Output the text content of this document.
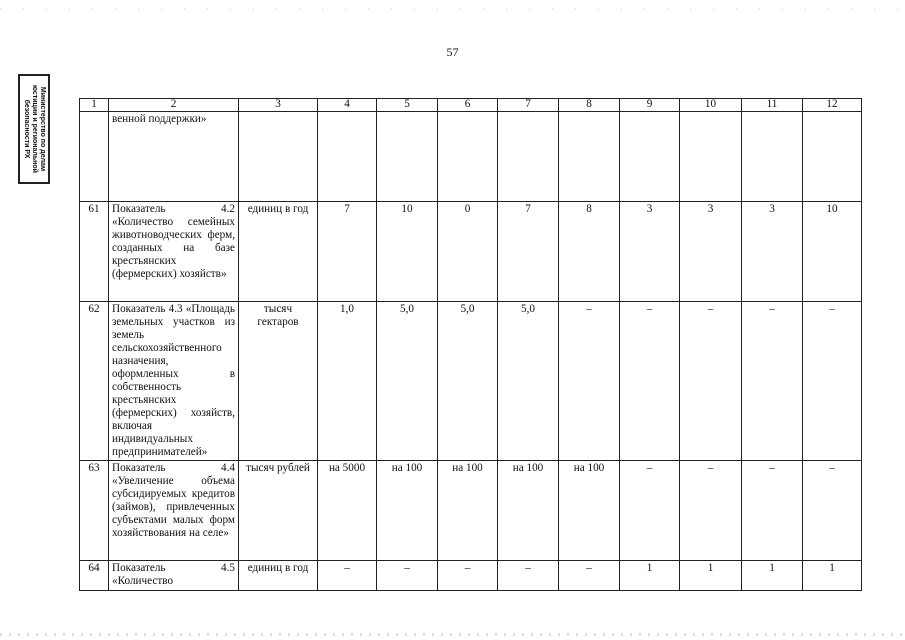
57
Министерство по делам
юстиции и региональной
безопасности РХ	1	2	3	4	5	6	7	8	9	10	11	12
	венной поддержки»										
61	Показатель 4.2 «Количество семейных животноводческих ферм, созданных на базе крестьянских (фермерских) хозяйств»	единиц в год	7	10	0	7	8	3	3	3	10
62	Показатель 4.3 «Площадь земельных участков из земель сельскохозяйственного назначения, оформленных в собственность крестьянских (фермерских) хозяйств, включая индивидуальных предпринимателей»	тысяч гектаров	1,0	5,0	5,0	5,0	–	–	–	–	–
63	Показатель 4.4 «Увеличение объема субсидируемых кредитов (займов), привлеченных субъектами малых форм хозяйствования на селе»	тысяч рублей	на 5000	на 100	на 100	на 100	на 100	–	–	–	–
64	Показатель 4.5 «Количество	единиц в год	–	–	–	–	–	1	1	1	1
